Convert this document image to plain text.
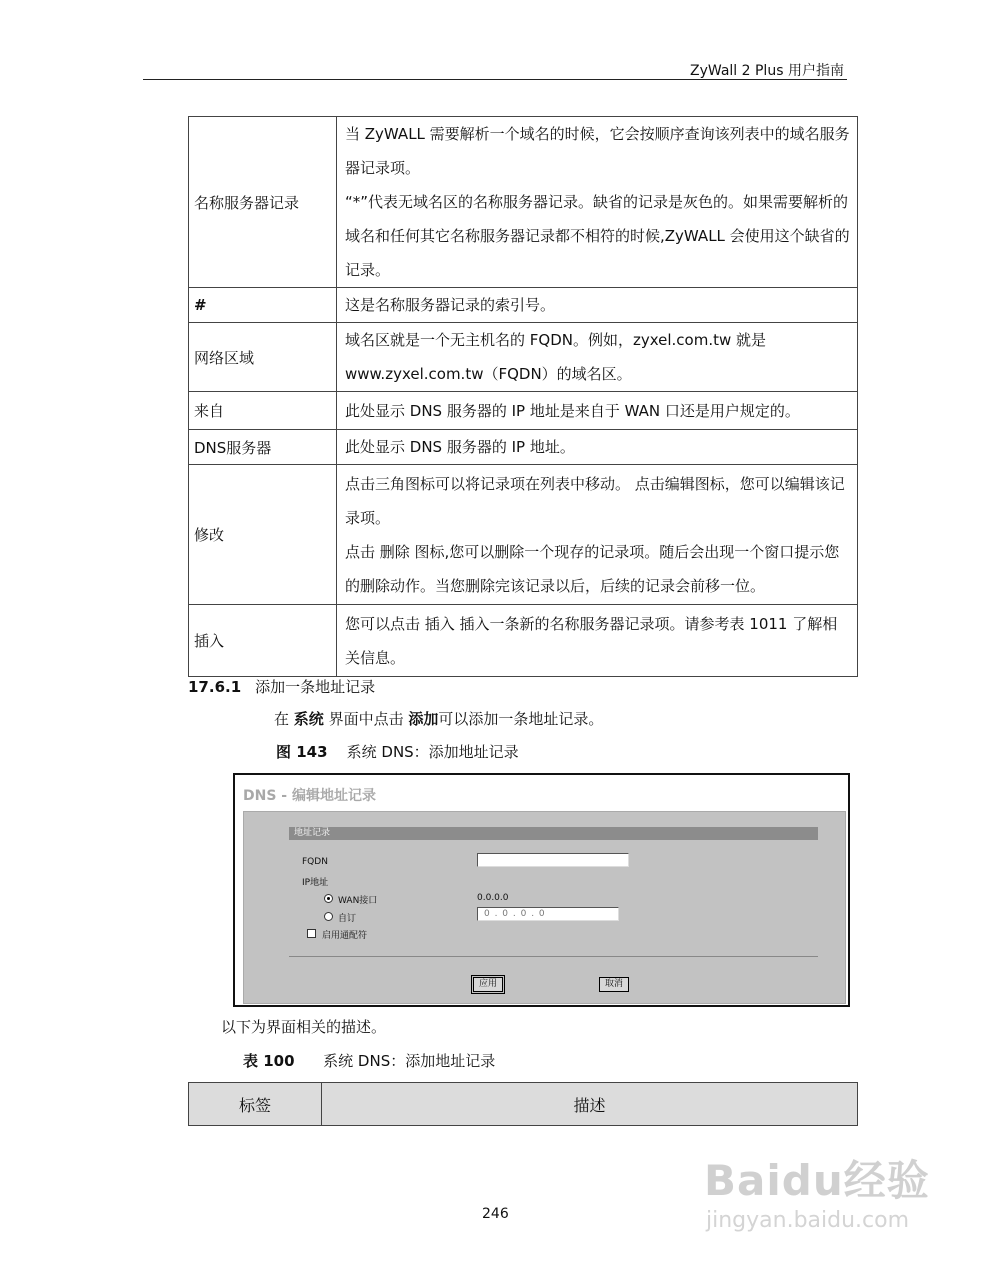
ZyWall 2 Plus 用户指南
名称服务器记录	当 ZyWALL 需要解析一个域名的时候，它会按顺序查询该列表中的域名服务器记录项。

“*”代表无域名区的名称服务器记录。缺省的记录是灰色的。如果需要解析的域名和任何其它名称服务器记录都不相符的时候,ZyWALL 会使用这个缺省的记录。

#	这是名称服务器记录的索引号。

网络区域	域名区就是一个无主机名的 FQDN。例如，zyxel.com.tw 就是 www.zyxel.com.tw（FQDN）的域名区。

来自	此处显示 DNS 服务器的 IP 地址是来自于 WAN 口还是用户规定的。

DNS服务器	此处显示 DNS 服务器的 IP 地址。

修改	点击三角图标可以将记录项在列表中移动。 点击编辑图标，您可以编辑该记录项。

点击 删除 图标,您可以删除一个现存的记录项。随后会出现一个窗口提示您的删除动作。当您删除完该记录以后，后续的记录会前移一位。

插入	您可以点击 插入 插入一条新的名称服务器记录项。请参考表 1011 了解相关信息。

17.6.1 添加一条地址记录
在 系统 界面中点击 添加可以添加一条地址记录。
图 143 系统 DNS：添加地址记录
DNS - 编辑地址记录
地址记录
FQDN
IP地址
WAN接口	0.0.0.0
自订	0 . 0 . 0 . 0
启用通配符
应用	取消
以下为界面相关的描述。
表 100 系统 DNS：添加地址记录
标签	描述
246
Baidu经验
jingyan.baidu.com
